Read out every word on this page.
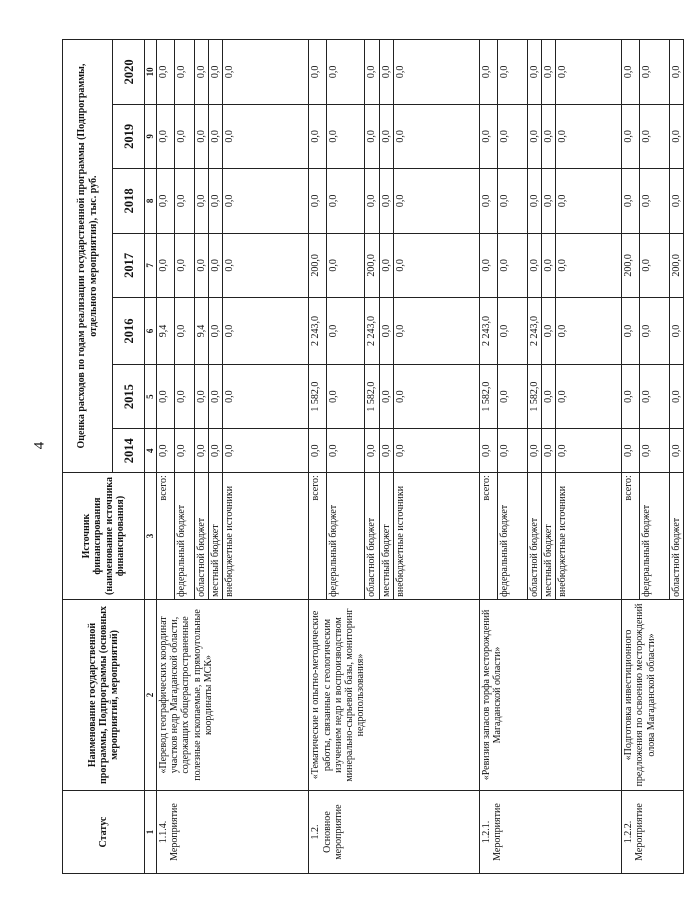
4
Статус	Наименование государственной программы, Подпрограммы (основных мероприятий, мероприятий)	Источник финансирования (наименование источника финансирования)	Оценка расходов по годам реализации государственной программы (Подпрограммы, отдельного мероприятия), тыс. руб.						
			2014	2015	2016	2017	2018	2019	2020
1	2	3	4	5	6	7	8	9	10
1.1.4.
Мероприятие	«Перевод географических координат участков недр Магаданской области, содержащих общераспространенные полезные ископаемые, в прямоугольные координаты МСК»	всего:	0,0	0,0	9,4	0,0	0,0	0,0	0,0
		федеральный бюджет	0,0	0,0	0,0	0,0	0,0	0,0	0,0
		областной бюджет	0,0	0,0	9,4	0,0	0,0	0,0	0,0
		местный бюджет	0,0	0,0	0,0	0,0	0,0	0,0	0,0
		внебюджетные источники	0,0	0,0	0,0	0,0	0,0	0,0	0,0
1.2.
Основное мероприятие	«Тематические и опытно-методические работы, связанные с геологическим изучением недр и воспроизводством минерально-сырьевой базы, мониторинг недропользования»	всего:	0,0	1 582,0	2 243,0	200,0	0,0	0,0	0,0
		федеральный бюджет	0,0	0,0	0,0	0,0	0,0	0,0	0,0
		областной бюджет	0,0	1 582,0	2 243,0	200,0	0,0	0,0	0,0
		местный бюджет	0,0	0,0	0,0	0,0	0,0	0,0	0,0
		внебюджетные источники	0,0	0,0	0,0	0,0	0,0	0,0	0,0
1.2.1.
Мероприятие	«Ревизия запасов торфа месторождений Магаданской области»	всего:	0,0	1 582,0	2 243,0	0,0	0,0	0,0	0,0
		федеральный бюджет	0,0	0,0	0,0	0,0	0,0	0,0	0,0
		областной бюджет	0,0	1 582,0	2 243,0	0,0	0,0	0,0	0,0
		местный бюджет	0,0	0,0	0,0	0,0	0,0	0,0	0,0
		внебюджетные источники	0,0	0,0	0,0	0,0	0,0	0,0	0,0
1.2.2.
Мероприятие	«Подготовка инвестиционного предложения по освоению месторождений олова Магаданской области»	всего:	0,0	0,0	0,0	200,0	0,0	0,0	0,0
		федеральный бюджет	0,0	0,0	0,0	0,0	0,0	0,0	0,0
		областной бюджет	0,0	0,0	0,0	200,0	0,0	0,0	0,0
